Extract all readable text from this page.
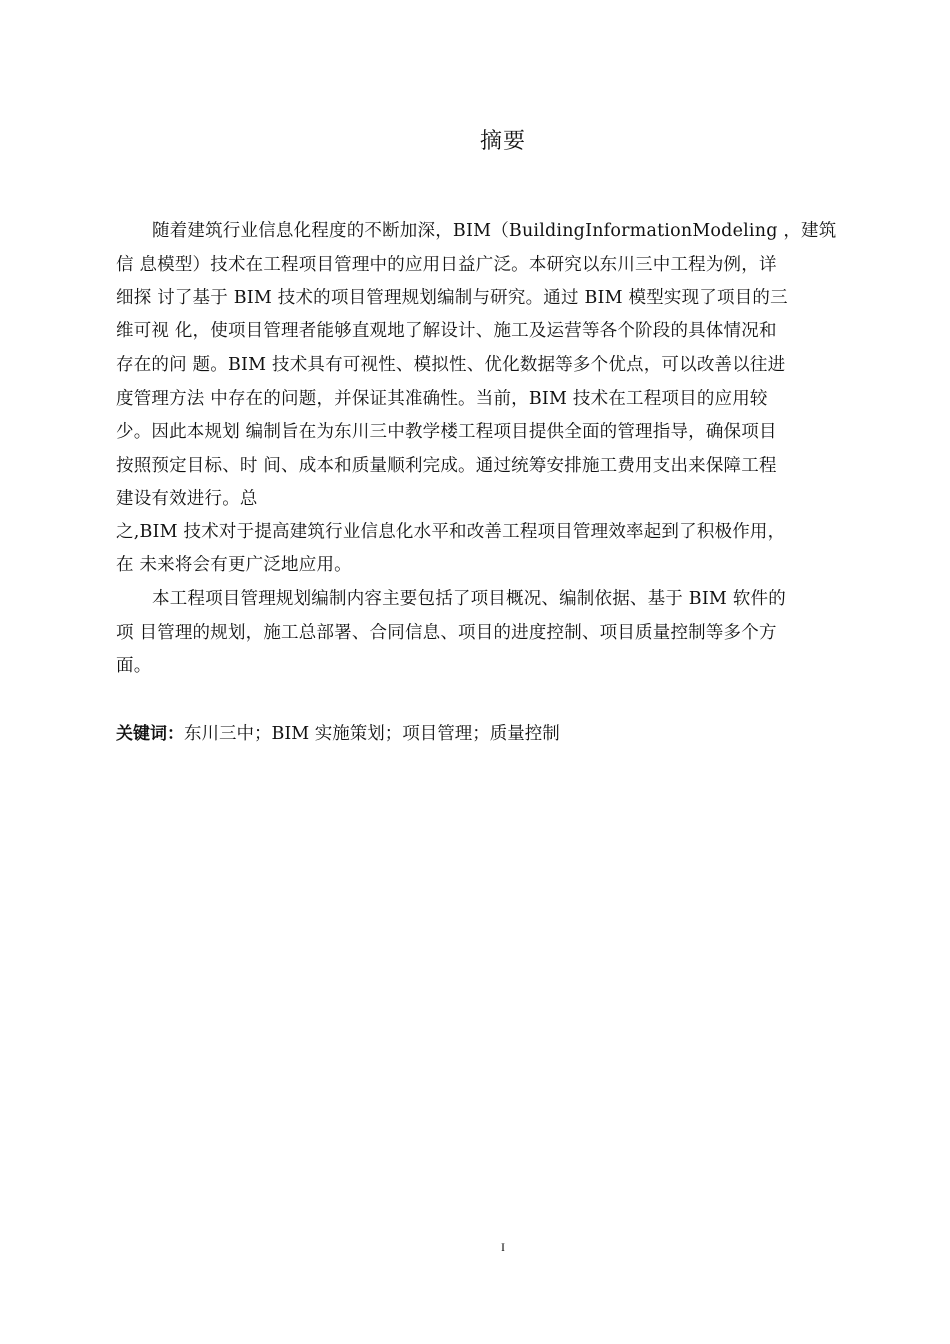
摘要
随着建筑行业信息化程度的不断加深，BIM（BuildingInformationModeling ，建筑
信 息模型）技术在工程项目管理中的应用日益广泛。本研究以东川三中工程为例，详
细探 讨了基于 BIM 技术的项目管理规划编制与研究。通过 BIM 模型实现了项目的三
维可视 化，使项目管理者能够直观地了解设计、施工及运营等各个阶段的具体情况和
存在的问 题。BIM 技术具有可视性、模拟性、优化数据等多个优点，可以改善以往进
度管理方法 中存在的问题，并保证其准确性。当前，BIM 技术在工程项目的应用较
少。因此本规划 编制旨在为东川三中教学楼工程项目提供全面的管理指导，确保项目
按照预定目标、时 间、成本和质量顺利完成。通过统筹安排施工费用支出来保障工程
建设有效进行。总
之,BIM 技术对于提高建筑行业信息化水平和改善工程项目管理效率起到了积极作用，
在 未来将会有更广泛地应用。
本工程项目管理规划编制内容主要包括了项目概况、编制依据、基于 BIM 软件的
项 目管理的规划，施工总部署、合同信息、项目的进度控制、项目质量控制等多个方
面。
关键词：东川三中；BIM 实施策划；项目管理；质量控制
I
